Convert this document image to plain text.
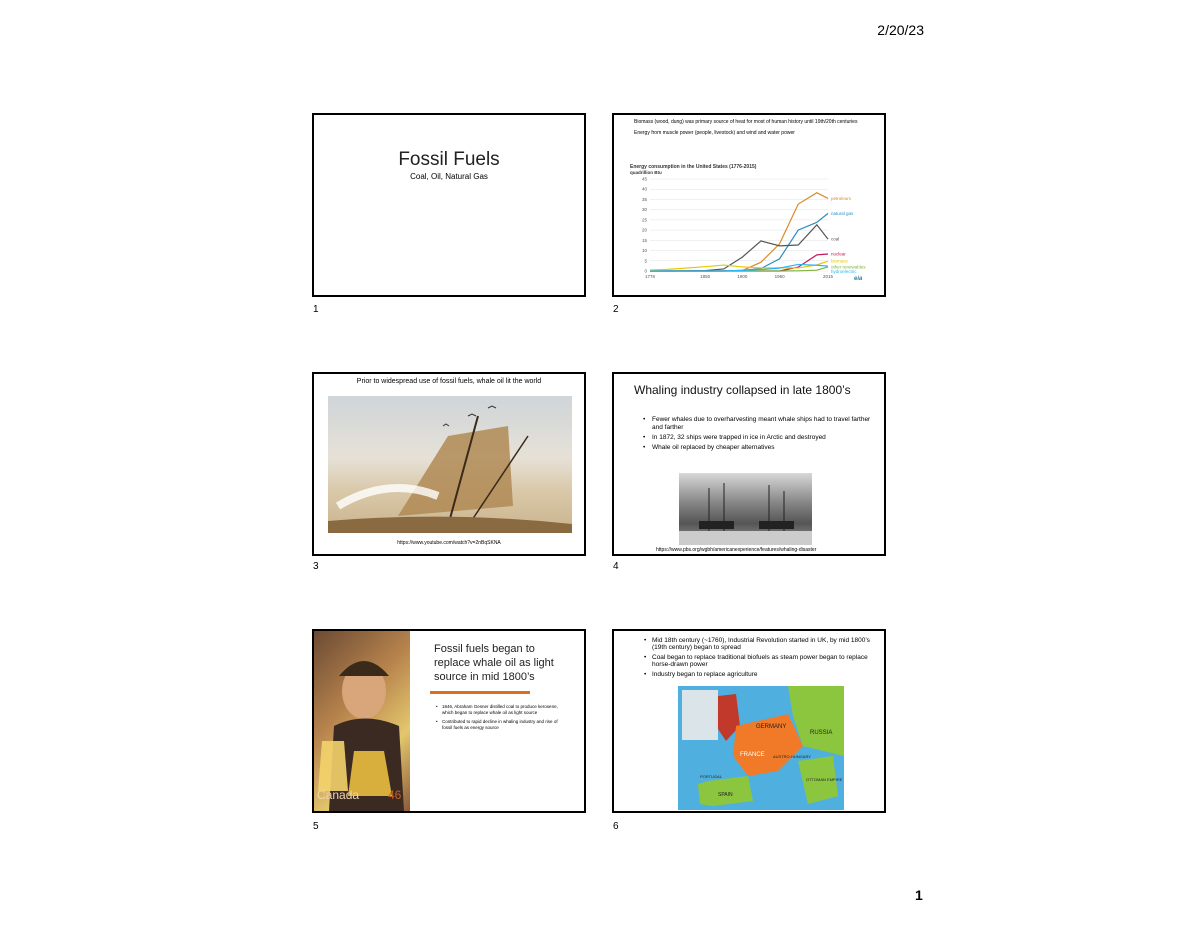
2/20/23
Fossil Fuels
Coal, Oil, Natural Gas
1

Biomass (wood, dung) was primary source of heat for most of human history until 19th/20th centuries

Energy from muscle power (people, livestock) and wind and water power

Energy consumption in the United States (1776-2015)
quadrillion Btu
0
5
10
15
20
25
30
35
40
45
1776	1850	1900	1950	2015
petroleum
natural gas
coal
nuclear
biomass
other renewables
hydroelectric
eia
2
Prior to widespread use of fossil fuels, whale oil lit the world
https://www.youtube.com/watch?v=2nBqSKNA
3
Whaling industry collapsed in late 1800’s
• Fewer whales due to overharvesting meant whale ships had to travel farther and farther
• In 1872, 32 ships were trapped in ice in Arctic and destroyed
• Whale oil replaced by cheaper alternatives
https://www.pbs.org/wgbh/americanexperience/features/whaling-disaster
4
Canada 46
Fossil fuels began to replace whale oil as light source in mid 1800’s
• 1846, Abraham Gesner distilled coal to produce kerosene, which began to replace whale oil as light source
• Contributed to rapid decline in whaling industry and rise of fossil fuels as energy source
5
• Mid 18th century (~1760), Industrial Revolution started in UK, by mid 1800’s (19th century) began to spread
• Coal began to replace traditional biofuels as steam power began to replace horse-drawn power
• Industry began to replace agriculture
GERMANY
RUSSIA
FRANCE AUSTRO-HUNGARY
SPAIN
PORTUGAL
OTTOMAN EMPIRE
6
1
